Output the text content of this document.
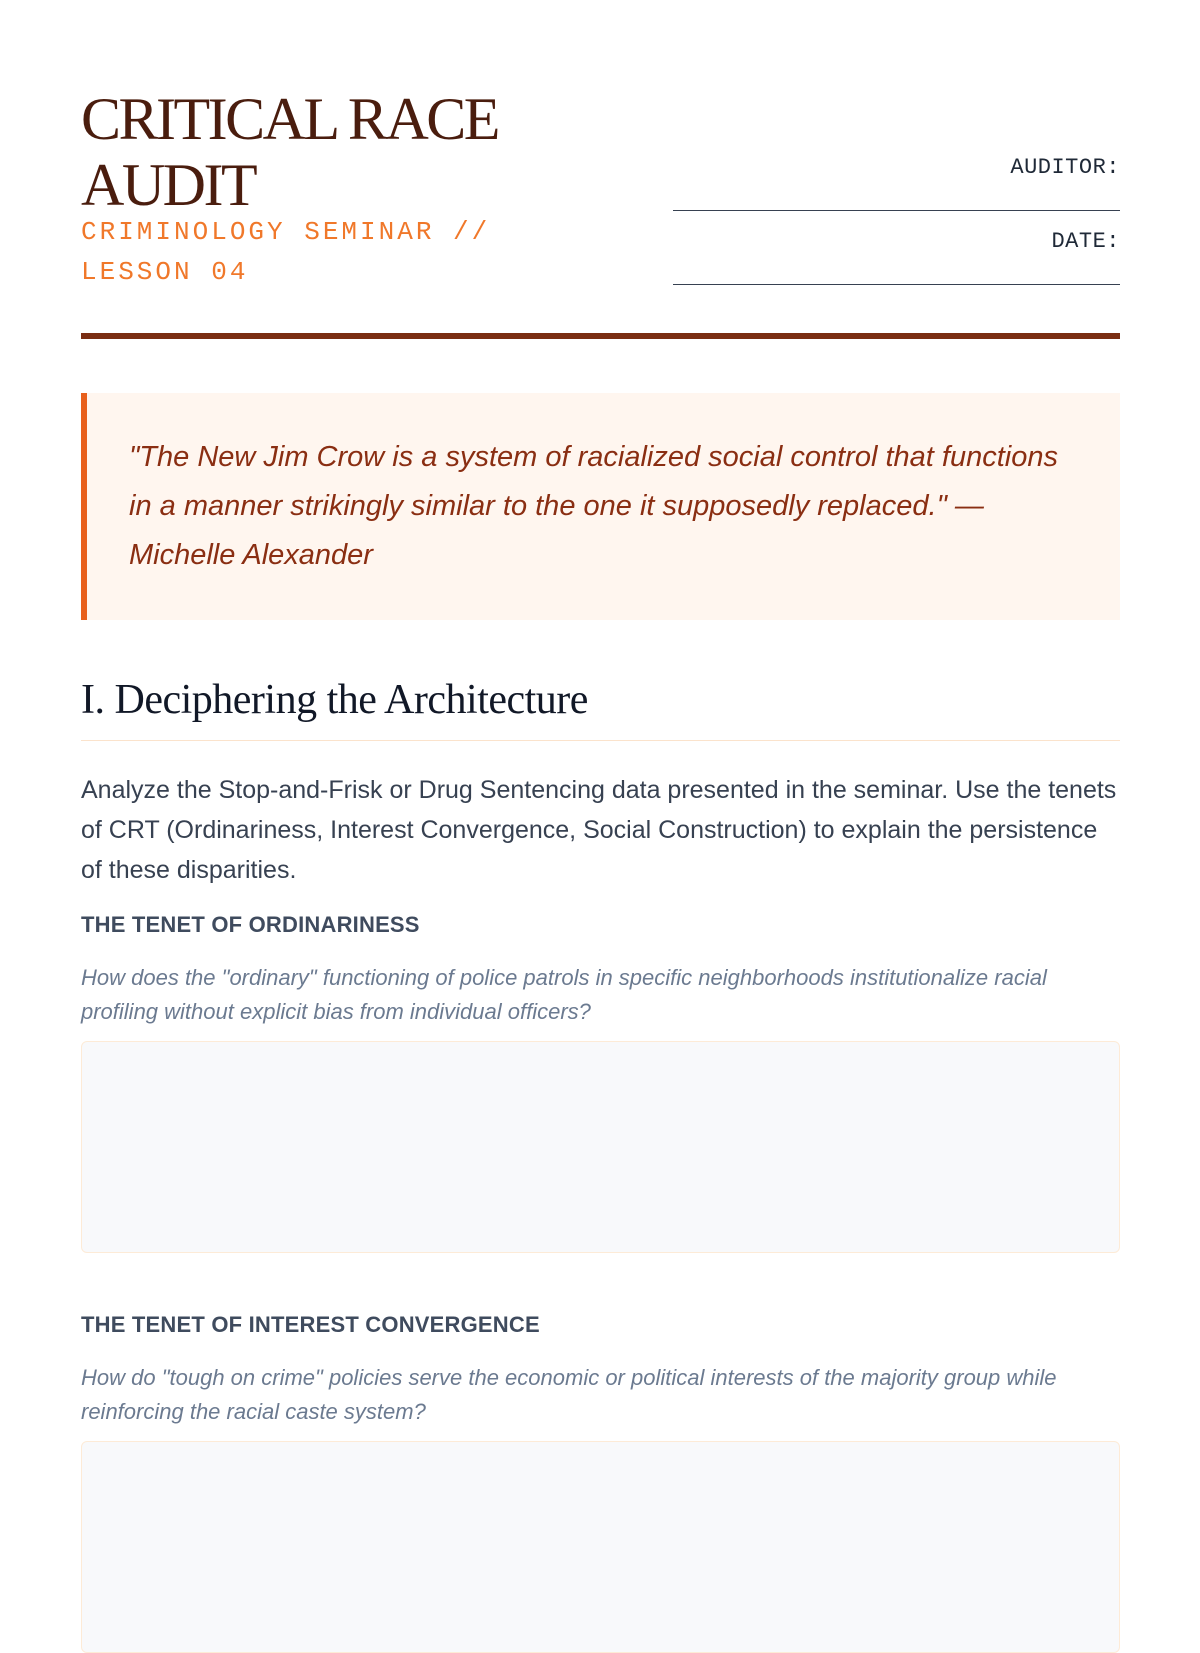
CRITICAL RACE AUDIT
CRIMINOLOGY SEMINAR // LESSON 04
AUDITOR:
DATE:

"The New Jim Crow is a system of racialized social control that functions in a manner strikingly similar to the one it supposedly replaced." — Michelle Alexander

I. Deciphering the Architecture

Analyze the Stop-and-Frisk or Drug Sentencing data presented in the seminar. Use the tenets of CRT (Ordinariness, Interest Convergence, Social Construction) to explain the persistence of these disparities.

THE TENET OF ORDINARINESS

How does the "ordinary" functioning of police patrols in specific neighborhoods institutionalize racial profiling without explicit bias from individual officers?

THE TENET OF INTEREST CONVERGENCE

How do "tough on crime" policies serve the economic or political interests of the majority group while reinforcing the racial caste system?
